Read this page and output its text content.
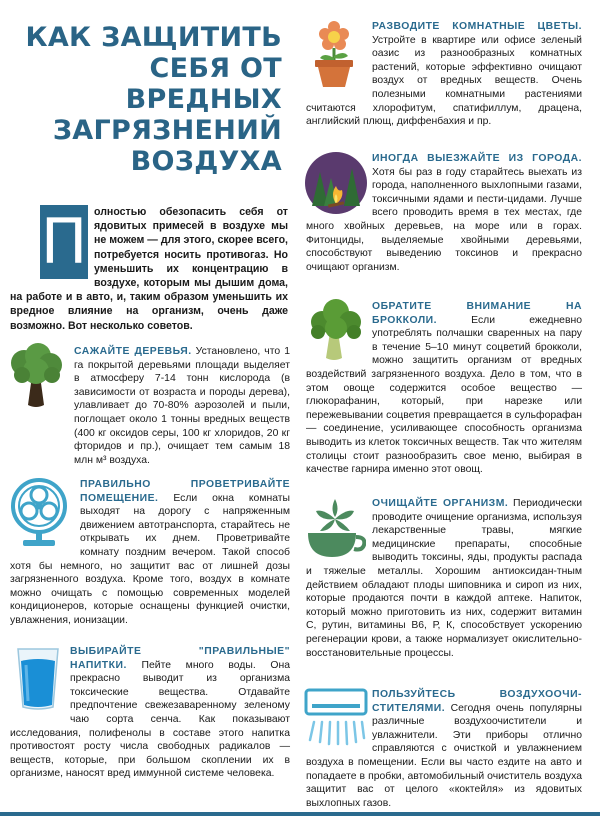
КАК ЗАЩИТИТЬ СЕБЯ ОТ ВРЕДНЫХ ЗАГРЯЗНЕНИЙ ВОЗДУХА

П олностью обезопасить себя от ядовитых примесей в воздухе мы не можем — для этого, скорее всего, потребуется носить противогаз. Но уменьшить их концентрацию в воздухе, которым мы дышим дома, на работе и в авто, и, таким образом уменьшить их вредное влияние на организм, очень даже возможно. Вот несколько советов.

САЖАЙТЕ ДЕРЕВЬЯ. Установлено, что 1 га покрытой деревьями площади выделяет в атмосферу 7-14 тонн кислорода (в зависимости от возраста и породы дерева), улавливает до 70-80% аэрозолей и пыли, поглощает около 1 тонны вредных веществ (400 кг оксидов серы, 100 кг хлоридов, 20 кг фторидов и пр.), очищает тем самым 18 млн м³ воздуха.

ПРАВИЛЬНО ПРОВЕТРИВАЙТЕ ПОМЕЩЕНИЕ. Если окна комнаты выходят на дорогу с напряженным движением автотранспорта, старайтесь не открывать их днем. Проветривайте комнату поздним вечером. Такой способ хотя бы немного, но защитит вас от лишней дозы загрязненного воздуха. Кроме того, воздух в комнате можно очищать с помощью современных моделей кондиционеров, которые оснащены функцией очистки, увлажнения, ионизации.

ВЫБИРАЙТЕ "ПРАВИЛЬНЫЕ" НАПИТКИ. Пейте много воды. Она прекрасно выводит из организма токсические вещества. Отдавайте предпочтение свежезаваренному зеленому чаю сорта сенча. Как показывают исследования, полифенолы в составе этого напитка противостоят росту числа свободных радикалов — веществ, которые, при большом скоплении их в организме, наносят вред иммунной системе человека.

РАЗВОДИТЕ КОМНАТНЫЕ ЦВЕТЫ. Устройте в квартире или офисе зеленый оазис из разнообразных комнатных растений, которые эффективно очищают воздух от вредных веществ. Очень полезными комнатными растениями считаются хлорофитум, спатифиллум, драцена, английский плющ, диффенбахия и пр.

ИНОГДА ВЫЕЗЖАЙТЕ ИЗ ГОРОДА. Хотя бы раз в году старайтесь выехать из города, наполненного выхлопными газами, токсичными ядами и пести-цидами. Лучше всего проводить время в тех местах, где много хвойных деревьев, на море или в горах. Фитонциды, выделяемые хвойными деревьями, способствуют выведению токсинов и прекрасно очищают организм.

ОБРАТИТЕ ВНИМАНИЕ НА БРОККОЛИ. Если ежедневно употреблять полчашки сваренных на пару в течение 5–10 минут соцветий брокколи, можно защитить организм от вредных воздействий загрязненного воздуха. Дело в том, что в этом овоще содержится особое вещество — глюкорафанин, который, при нарезке или пережевывании соцветия превращается в сульфорафан — соединение, усиливающее способность организма выводить из клеток токсичных веществ. Так что жителям столицы стоит разнообразить свое меню, выбирая в качестве гарнира именно этот овощ.

ОЧИЩАЙТЕ ОРГАНИЗМ. Периодически проводите очищение организма, используя лекарственные травы, мягкие медицинские препараты, способные выводить токсины, яды, продукты распада и тяжелые металлы. Хорошим антиоксидан-тным действием обладают плоды шиповника и сироп из них, которые продаются почти в каждой аптеке. Напиток, который можно приготовить из них, содержит витамин С, рутин, витамины В6, Р, К, способствует ускорению регенерации крови, а также нормализует окислительно-восстановительные процессы.

ПОЛЬЗУЙТЕСЬ ВОЗДУХООЧИ-СТИТЕЛЯМИ. Сегодня очень популярны различные воздухоочистители и увлажнители. Эти приборы отлично справляются с очисткой и увлажнением воздуха в помещении. Если вы часто ездите на авто и попадаете в пробки, автомобильный очиститель воздуха защитит вас от целого «коктейля» из ядовитых выхлопных газов.
